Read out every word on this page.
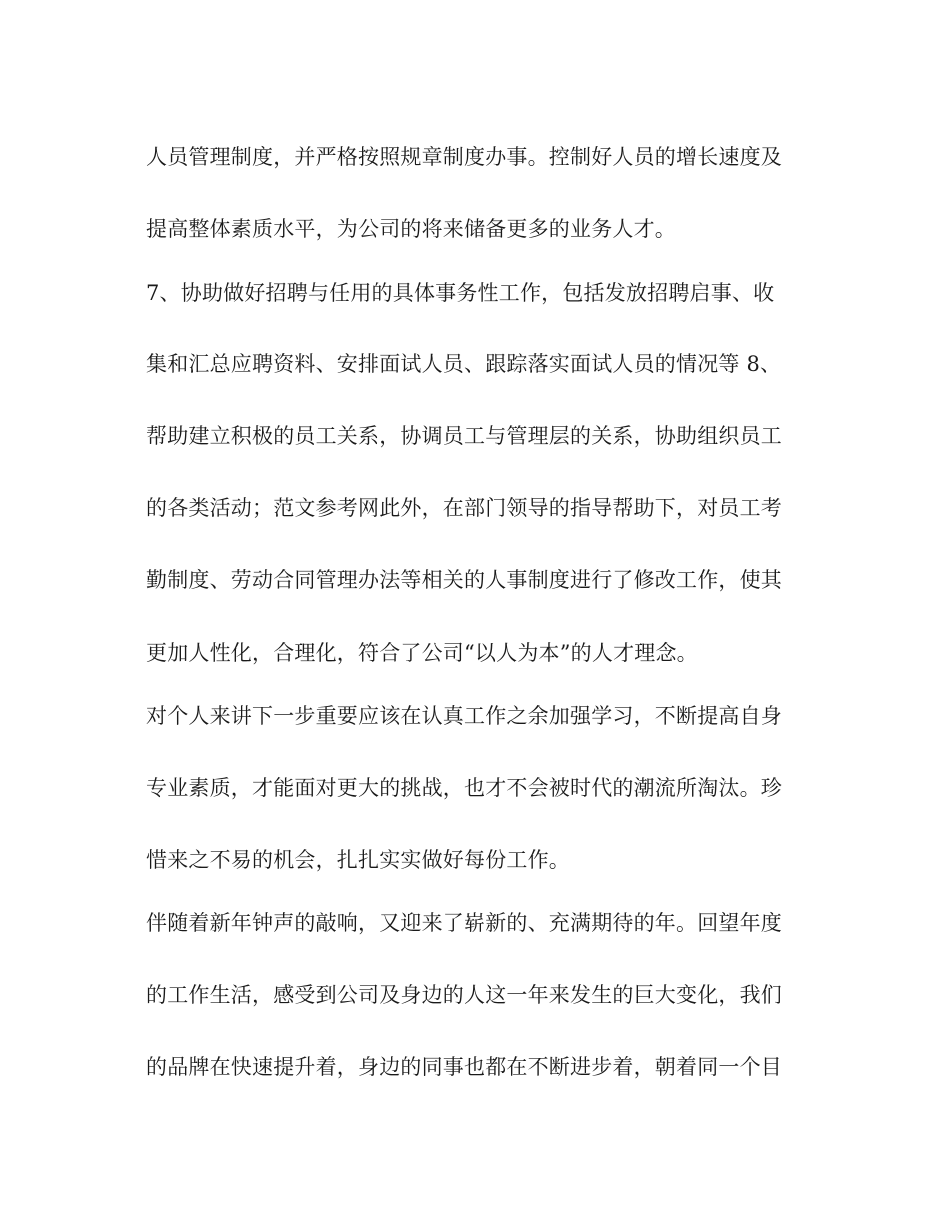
人员管理制度，并严格按照规章制度办事。控制好人员的增长速度及
提高整体素质水平，为公司的将来储备更多的业务人才。
7、协助做好招聘与任用的具体事务性工作，包括发放招聘启事、收
集和汇总应聘资料、安排面试人员、跟踪落实面试人员的情况等 8、
帮助建立积极的员工关系，协调员工与管理层的关系，协助组织员工
的各类活动；范文参考网此外，在部门领导的指导帮助下，对员工考
勤制度、劳动合同管理办法等相关的人事制度进行了修改工作，使其
更加人性化，合理化，符合了公司“以人为本”的人才理念。
对个人来讲下一步重要应该在认真工作之余加强学习，不断提高自身
专业素质，才能面对更大的挑战，也才不会被时代的潮流所淘汰。珍
惜来之不易的机会，扎扎实实做好每份工作。
伴随着新年钟声的敲响，又迎来了崭新的、充满期待的年。回望年度
的工作生活，感受到公司及身边的人这一年来发生的巨大变化，我们
的品牌在快速提升着，身边的同事也都在不断进步着，朝着同一个目
